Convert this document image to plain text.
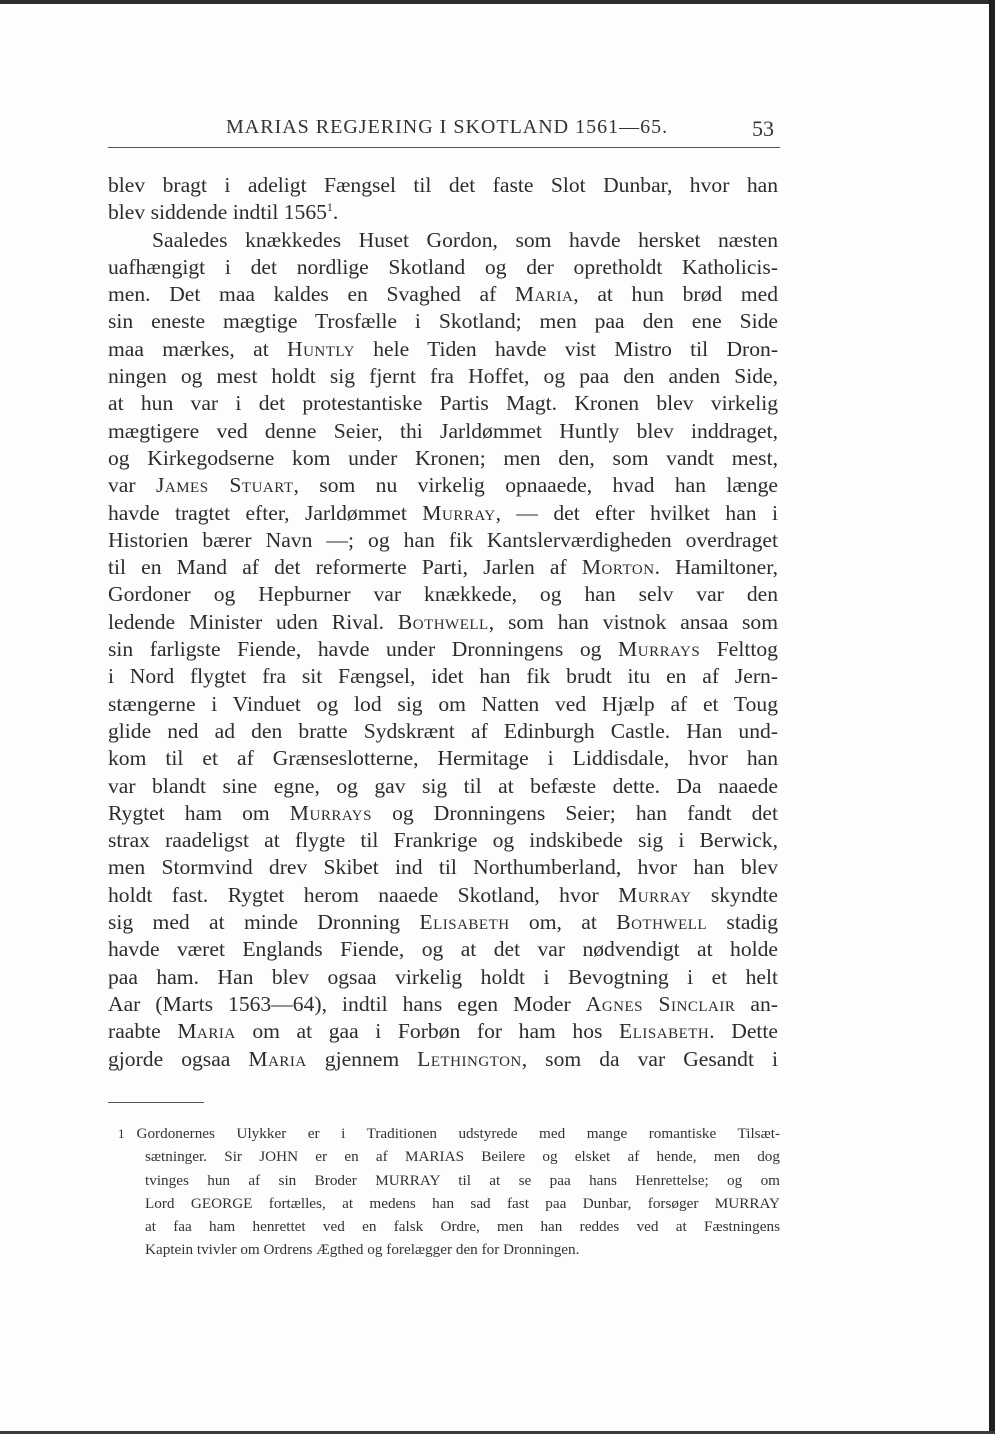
MARIAS REGJERING I SKOTLAND 1561—65.	53
blev bragt i adeligt Fængsel til det faste Slot Dunbar, hvor han
blev siddende indtil 1565$^1$.
Saaledes knækkedes Huset Gordon, som havde hersket næsten
uafhængigt i det nordlige Skotland og der opretholdt Katholicis-
men. Det maa kaldes en Svaghed af Maria, at hun brød med
sin eneste mægtige Trosfælle i Skotland; men paa den ene Side
maa mærkes, at Huntly hele Tiden havde vist Mistro til Dron-
ningen og mest holdt sig fjernt fra Hoffet, og paa den anden Side,
at hun var i det protestantiske Partis Magt. Kronen blev virkelig
mægtigere ved denne Seier, thi Jarldømmet Huntly blev inddraget,
og Kirkegodserne kom under Kronen; men den, som vandt mest,
var James Stuart, som nu virkelig opnaaede, hvad han længe
havde tragtet efter, Jarldømmet Murray, — det efter hvilket han i
Historien bærer Navn —; og han fik Kantslerværdigheden overdraget
til en Mand af det reformerte Parti, Jarlen af Morton. Hamiltoner,
Gordoner og Hepburner var knækkede, og han selv var den
ledende Minister uden Rival. Bothwell, som han vistnok ansaa som
sin farligste Fiende, havde under Dronningens og Murrays Felttog
i Nord flygtet fra sit Fængsel, idet han fik brudt itu en af Jern-
stængerne i Vinduet og lod sig om Natten ved Hjælp af et Toug
glide ned ad den bratte Sydskrænt af Edinburgh Castle. Han und-
kom til et af Grænseslotterne, Hermitage i Liddisdale, hvor han
var blandt sine egne, og gav sig til at befæste dette. Da naaede
Rygtet ham om Murrays og Dronningens Seier; han fandt det
strax raadeligst at flygte til Frankrige og indskibede sig i Berwick,
men Stormvind drev Skibet ind til Northumberland, hvor han blev
holdt fast. Rygtet herom naaede Skotland, hvor Murray skyndte
sig med at minde Dronning Elisabeth om, at Bothwell stadig
havde været Englands Fiende, og at det var nødvendigt at holde
paa ham. Han blev ogsaa virkelig holdt i Bevogtning i et helt
Aar (Marts 1563—64), indtil hans egen Moder Agnes Sinclair an-
raabte Maria om at gaa i Forbøn for ham hos Elisabeth. Dette
gjorde ogsaa Maria gjennem Lethington, som da var Gesandt i
1 Gordonernes Ulykker er i Traditionen udstyrede med mange romantiske Tilsæt-
sætninger. Sir JOHN er en af MARIAS Beilere og elsket af hende, men dog
tvinges hun af sin Broder MURRAY til at se paa hans Henrettelse; og om
Lord GEORGE fortælles, at medens han sad fast paa Dunbar, forsøger MURRAY
at faa ham henrettet ved en falsk Ordre, men han reddes ved at Fæstningens
Kaptein tvivler om Ordrens Ægthed og forelægger den for Dronningen.
